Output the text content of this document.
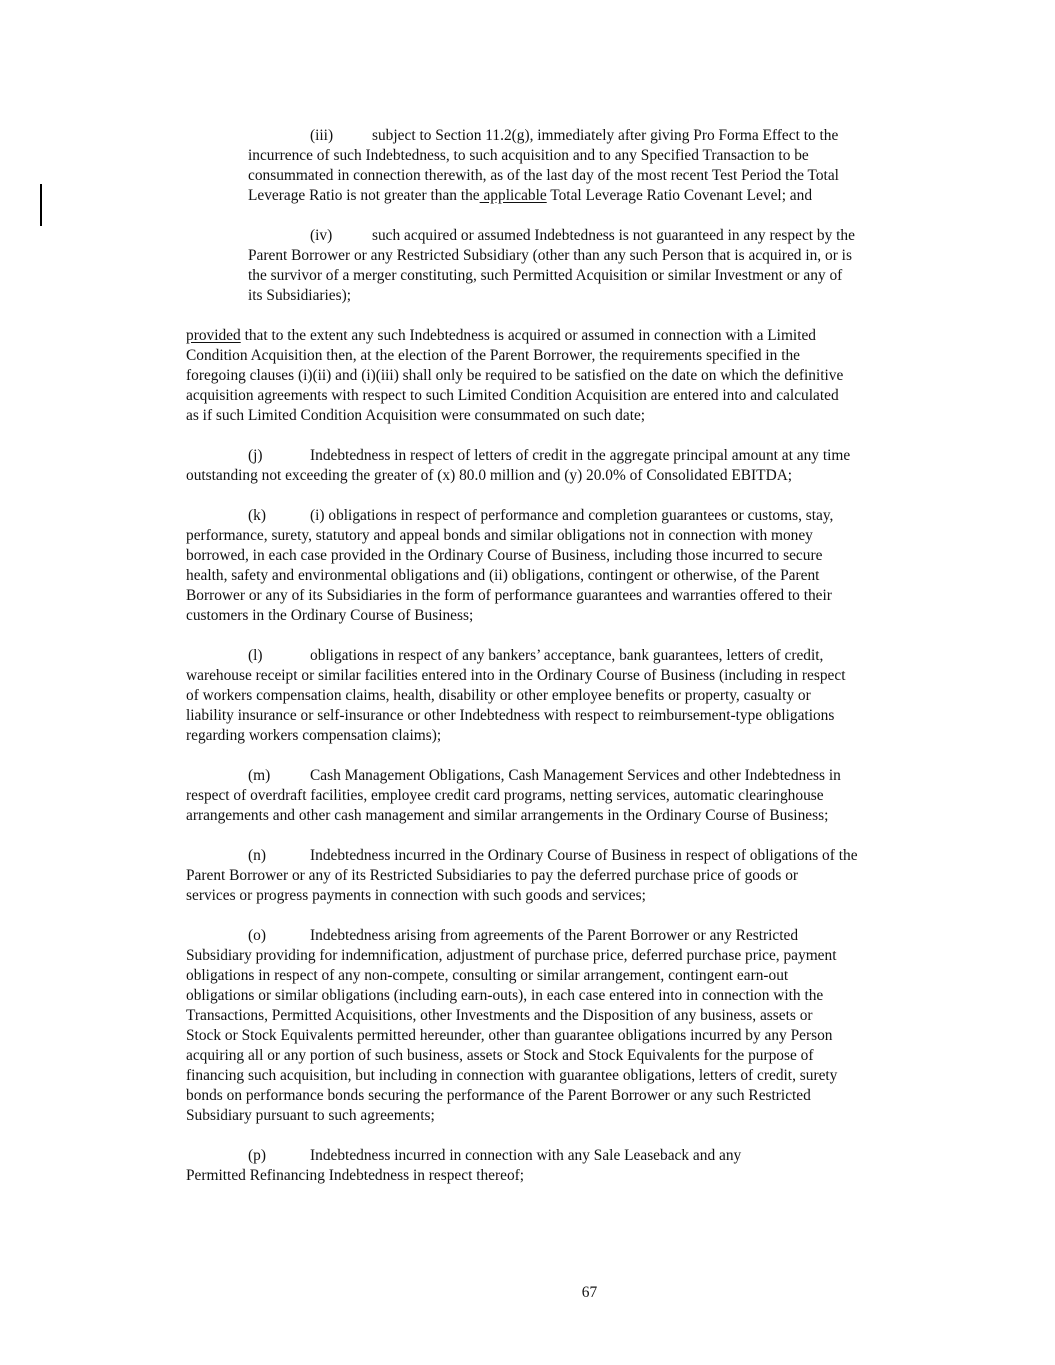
(iii)	subject to Section 11.2(g), immediately after giving Pro Forma Effect to the
incurrence of such Indebtedness, to such acquisition and to any Specified Transaction to be
consummated in connection therewith, as of the last day of the most recent Test Period the Total
Leverage Ratio is not greater than the applicable Total Leverage Ratio Covenant Level; and

(iv)	such acquired or assumed Indebtedness is not guaranteed in any respect by the
Parent Borrower or any Restricted Subsidiary (other than any such Person that is acquired in, or is
the survivor of a merger constituting, such Permitted Acquisition or similar Investment or any of
its Subsidiaries);

provided that to the extent any such Indebtedness is acquired or assumed in connection with a Limited
Condition Acquisition then, at the election of the Parent Borrower, the requirements specified in the
foregoing clauses (i)(ii) and (i)(iii) shall only be required to be satisfied on the date on which the definitive
acquisition agreements with respect to such Limited Condition Acquisition are entered into and calculated
as if such Limited Condition Acquisition were consummated on such date;

(j)	Indebtedness in respect of letters of credit in the aggregate principal amount at any time
outstanding not exceeding the greater of (x) 80.0 million and (y) 20.0% of Consolidated EBITDA;

(k)	(i) obligations in respect of performance and completion guarantees or customs, stay,
performance, surety, statutory and appeal bonds and similar obligations not in connection with money
borrowed, in each case provided in the Ordinary Course of Business, including those incurred to secure
health, safety and environmental obligations and (ii) obligations, contingent or otherwise, of the Parent
Borrower or any of its Subsidiaries in the form of performance guarantees and warranties offered to their
customers in the Ordinary Course of Business;

(l)	obligations in respect of any bankers’ acceptance, bank guarantees, letters of credit,
warehouse receipt or similar facilities entered into in the Ordinary Course of Business (including in respect
of workers compensation claims, health, disability or other employee benefits or property, casualty or
liability insurance or self-insurance or other Indebtedness with respect to reimbursement-type obligations
regarding workers compensation claims);

(m)	Cash Management Obligations, Cash Management Services and other Indebtedness in
respect of overdraft facilities, employee credit card programs, netting services, automatic clearinghouse
arrangements and other cash management and similar arrangements in the Ordinary Course of Business;

(n)	Indebtedness incurred in the Ordinary Course of Business in respect of obligations of the
Parent Borrower or any of its Restricted Subsidiaries to pay the deferred purchase price of goods or
services or progress payments in connection with such goods and services;

(o)	Indebtedness arising from agreements of the Parent Borrower or any Restricted
Subsidiary providing for indemnification, adjustment of purchase price, deferred purchase price, payment
obligations in respect of any non-compete, consulting or similar arrangement, contingent earn-out
obligations or similar obligations (including earn-outs), in each case entered into in connection with the
Transactions, Permitted Acquisitions, other Investments and the Disposition of any business, assets or
Stock or Stock Equivalents permitted hereunder, other than guarantee obligations incurred by any Person
acquiring all or any portion of such business, assets or Stock and Stock Equivalents for the purpose of
financing such acquisition, but including in connection with guarantee obligations, letters of credit, surety
bonds on performance bonds securing the performance of the Parent Borrower or any such Restricted
Subsidiary pursuant to such agreements;

(p)	Indebtedness incurred in connection with any Sale Leaseback and any
Permitted Refinancing Indebtedness in respect thereof;

67
